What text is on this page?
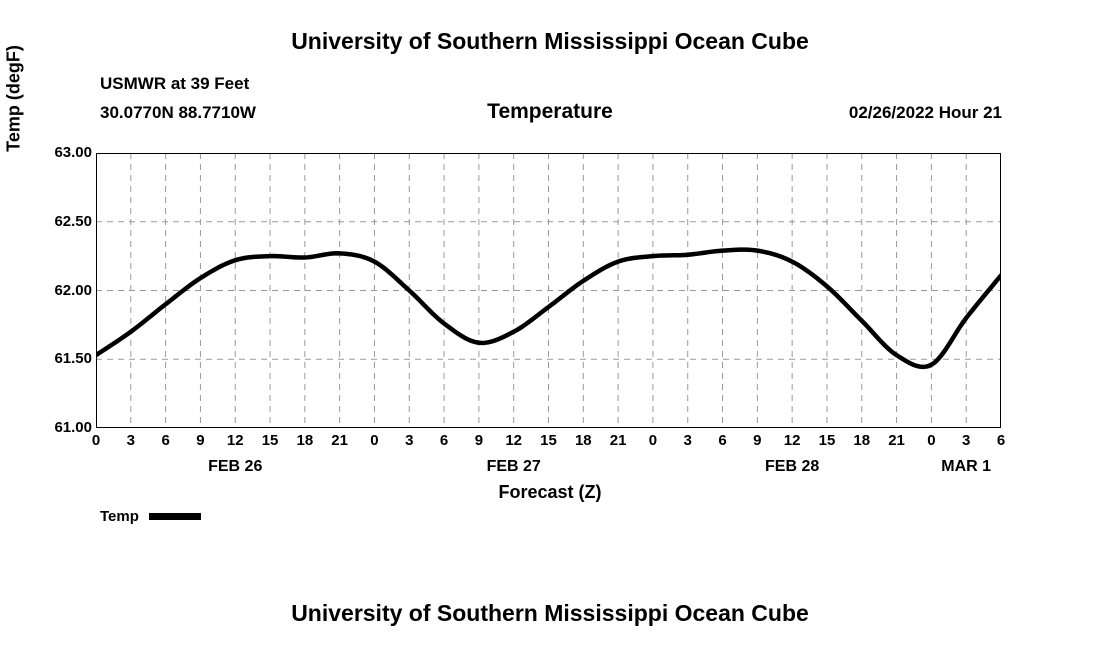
University of Southern Mississippi Ocean Cube
USMWR at 39 Feet
30.0770N 88.7710W	Temperature	02/26/2022 Hour 21
Temp (degF)
61.00
61.50
62.00
62.50
63.00
0	3	6	9	12 15 18 21	0	3	6	9	12 15 18 21	0	3	6	9	12 15 18 21	0	3	6
FEB 26	FEB 27	FEB 28	MAR 1
Forecast (Z)
Temp
University of Southern Mississippi Ocean Cube
